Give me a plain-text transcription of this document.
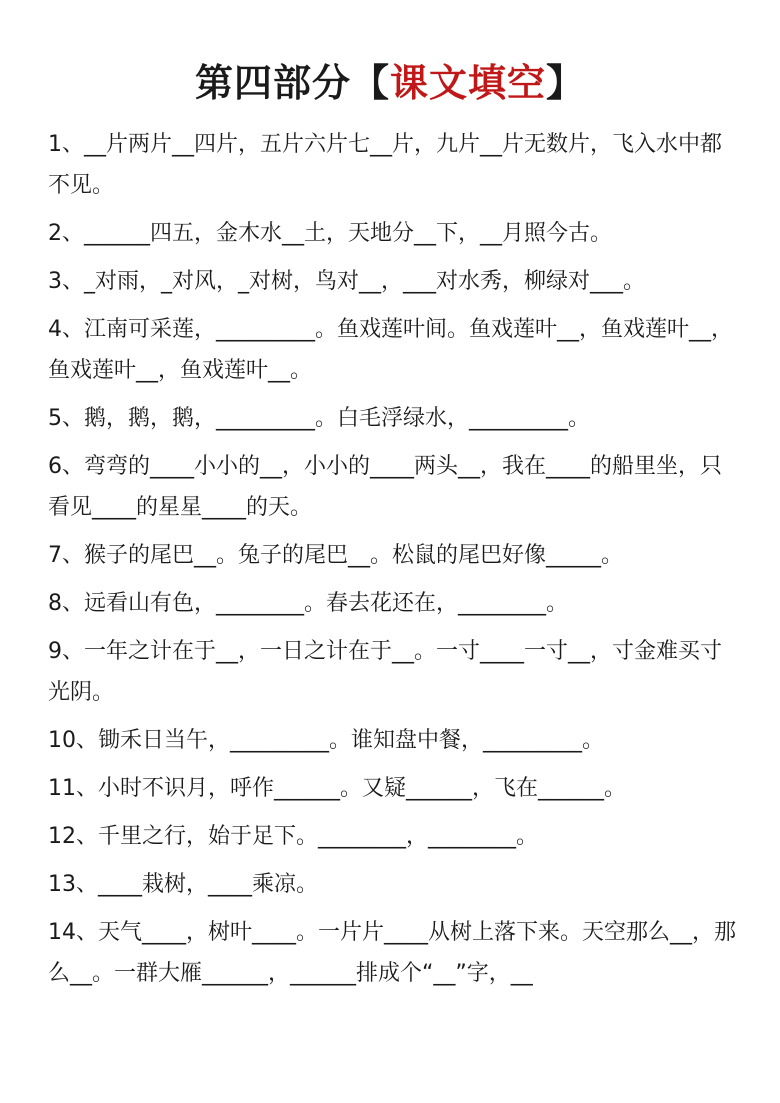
第四部分【课文填空】
1、__片两片__四片，五片六片七__片，九片__片无数片，飞入水中都不见。
2、______四五，金木水__土，天地分__下，__月照今古。
3、_对雨，_对风，_对树，鸟对__，___对水秀，柳绿对___。
4、江南可采莲，_________。鱼戏莲叶间。鱼戏莲叶__，鱼戏莲叶__，鱼戏莲叶__，鱼戏莲叶__。
5、鹅，鹅，鹅，_________。白毛浮绿水，_________。
6、弯弯的____小小的__，小小的____两头__，我在____的船里坐，只看见____的星星____的天。
7、猴子的尾巴__。兔子的尾巴__。松鼠的尾巴好像_____。
8、远看山有色，________。春去花还在，________。
9、一年之计在于__，一日之计在于__。一寸____一寸__，寸金难买寸光阴。
10、锄禾日当午，_________。谁知盘中餐，_________。
11、小时不识月，呼作______。又疑______，飞在______。
12、千里之行，始于足下。________，________。
13、____栽树，____乘凉。
14、天气____，树叶____。一片片____从树上落下来。天空那么__，那么__。一群大雁______，______排成个“__”字，__
